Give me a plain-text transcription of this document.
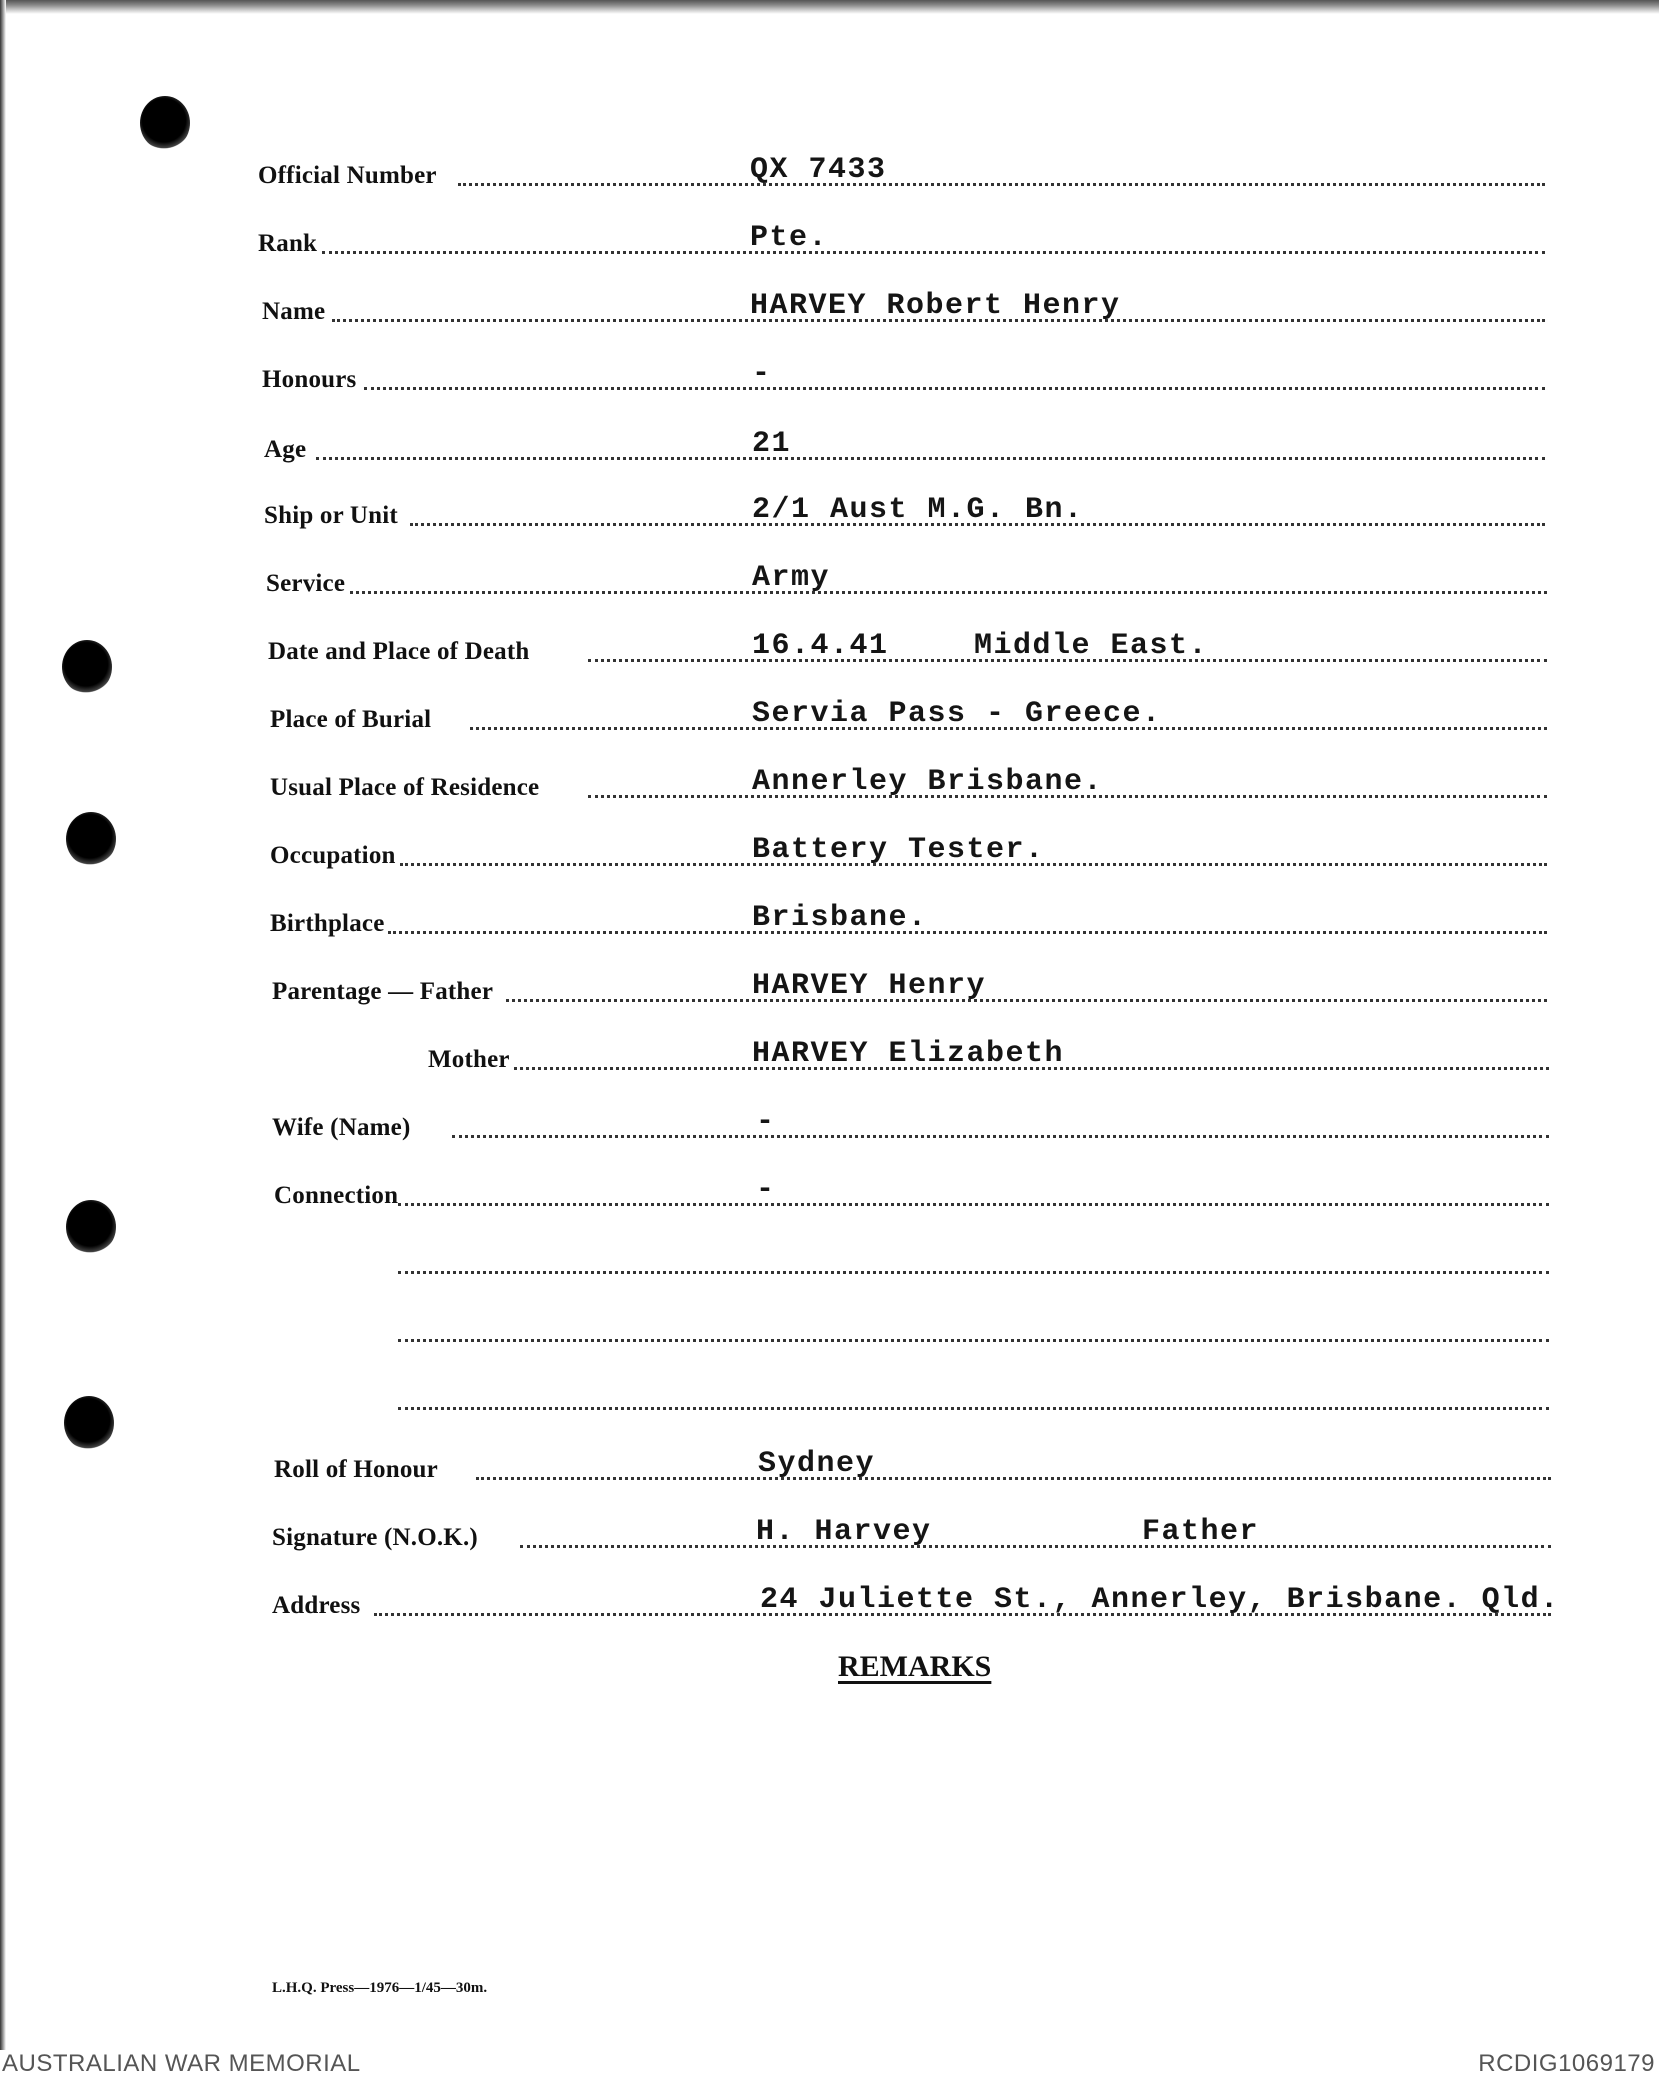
Official Number	QX 7433
Rank	Pte.
Name	HARVEY Robert Henry
Honours	-
Age	21
Ship or Unit	2/1 Aust M.G. Bn.
Service	Army
Date and Place of Death	16.4.41	Middle East.
Place of Burial	Servia Pass - Greece.
Usual Place of Residence	Annerley Brisbane.
Occupation	Battery Tester.
Birthplace	Brisbane.
Parentage — Father	HARVEY Henry
Mother	HARVEY Elizabeth
Wife (Name)	-
Connection	-
Roll of Honour	Sydney
Signature (N.O.K.)	H. Harvey	Father
Address	24 Juliette St., Annerley, Brisbane. Qld.
REMARKS
L.H.Q. Press—1976—1/45—30m.
AUSTRALIAN WAR MEMORIAL	RCDIG1069179
